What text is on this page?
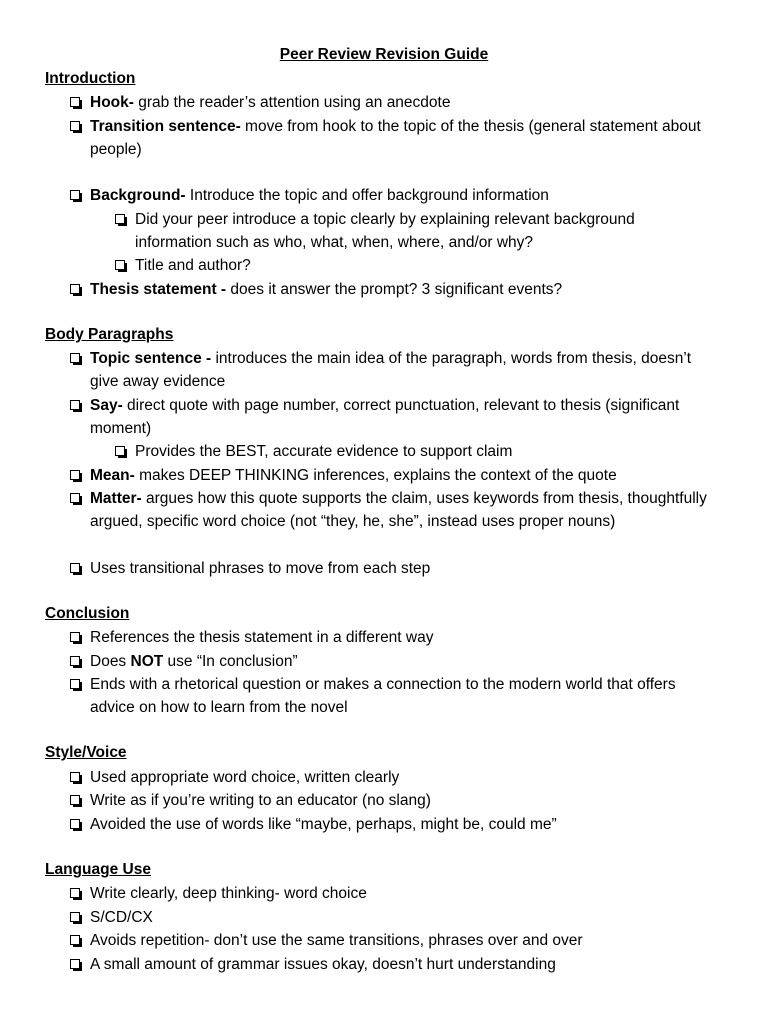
Peer Review Revision Guide
Introduction
Hook- grab the reader’s attention using an anecdote
Transition sentence- move from hook to the topic of the thesis (general statement about people)
Background- Introduce the topic and offer background information
Did your peer introduce a topic clearly by explaining relevant background information such as who, what, when, where, and/or why?
Title and author?
Thesis statement - does it answer the prompt? 3 significant events?
Body Paragraphs
Topic sentence - introduces the main idea of the paragraph, words from thesis, doesn’t give away evidence
Say- direct quote with page number, correct punctuation, relevant to thesis (significant moment)
Provides the BEST, accurate evidence to support claim
Mean- makes DEEP THINKING inferences, explains the context of the quote
Matter- argues how this quote supports the claim, uses keywords from thesis, thoughtfully argued, specific word choice (not “they, he, she”, instead uses proper nouns)
Uses transitional phrases to move from each step
Conclusion
References the thesis statement in a different way
Does NOT use “In conclusion”
Ends with a rhetorical question or makes a connection to the modern world that offers advice on how to learn from the novel
Style/Voice
Used appropriate word choice, written clearly
Write as if you’re writing to an educator (no slang)
Avoided the use of words like “maybe, perhaps, might be, could me”
Language Use
Write clearly, deep thinking- word choice
S/CD/CX
Avoids repetition- don’t use the same transitions, phrases over and over
A small amount of grammar issues okay, doesn’t hurt understanding
